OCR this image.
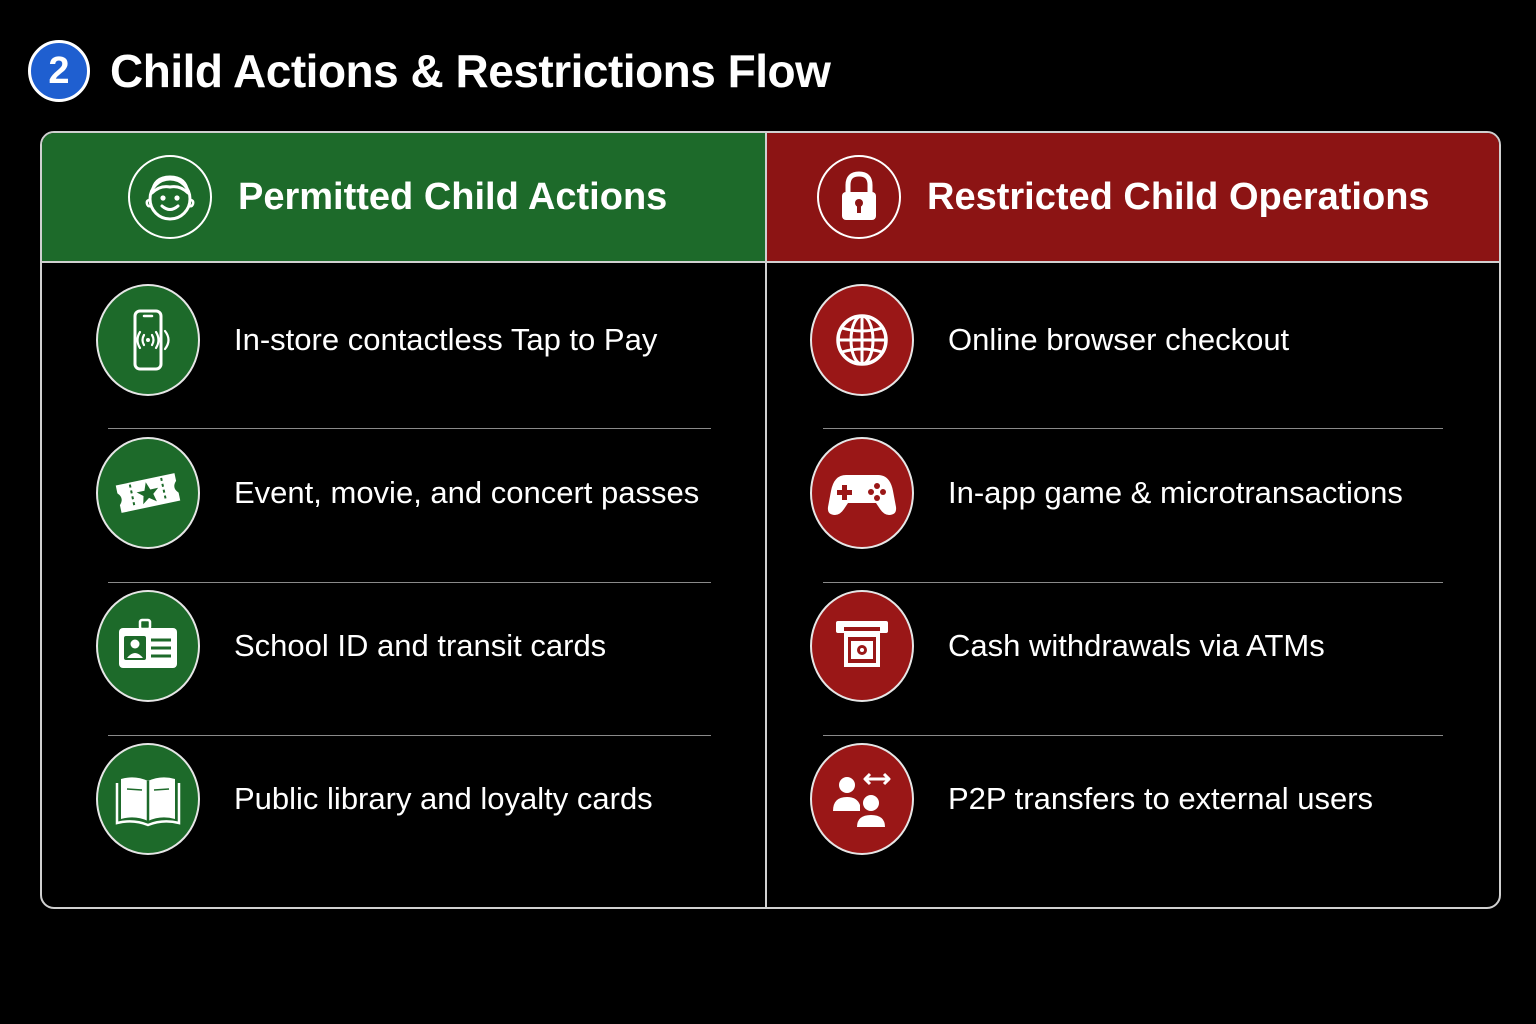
2 Child Actions & Restrictions Flow
Permitted Child Actions
In-store contactless Tap to Pay
Event, movie, and concert passes
School ID and transit cards
Public library and loyalty cards
Restricted Child Operations
Online browser checkout
In-app game & microtransactions
Cash withdrawals via ATMs
P2P transfers to external users
